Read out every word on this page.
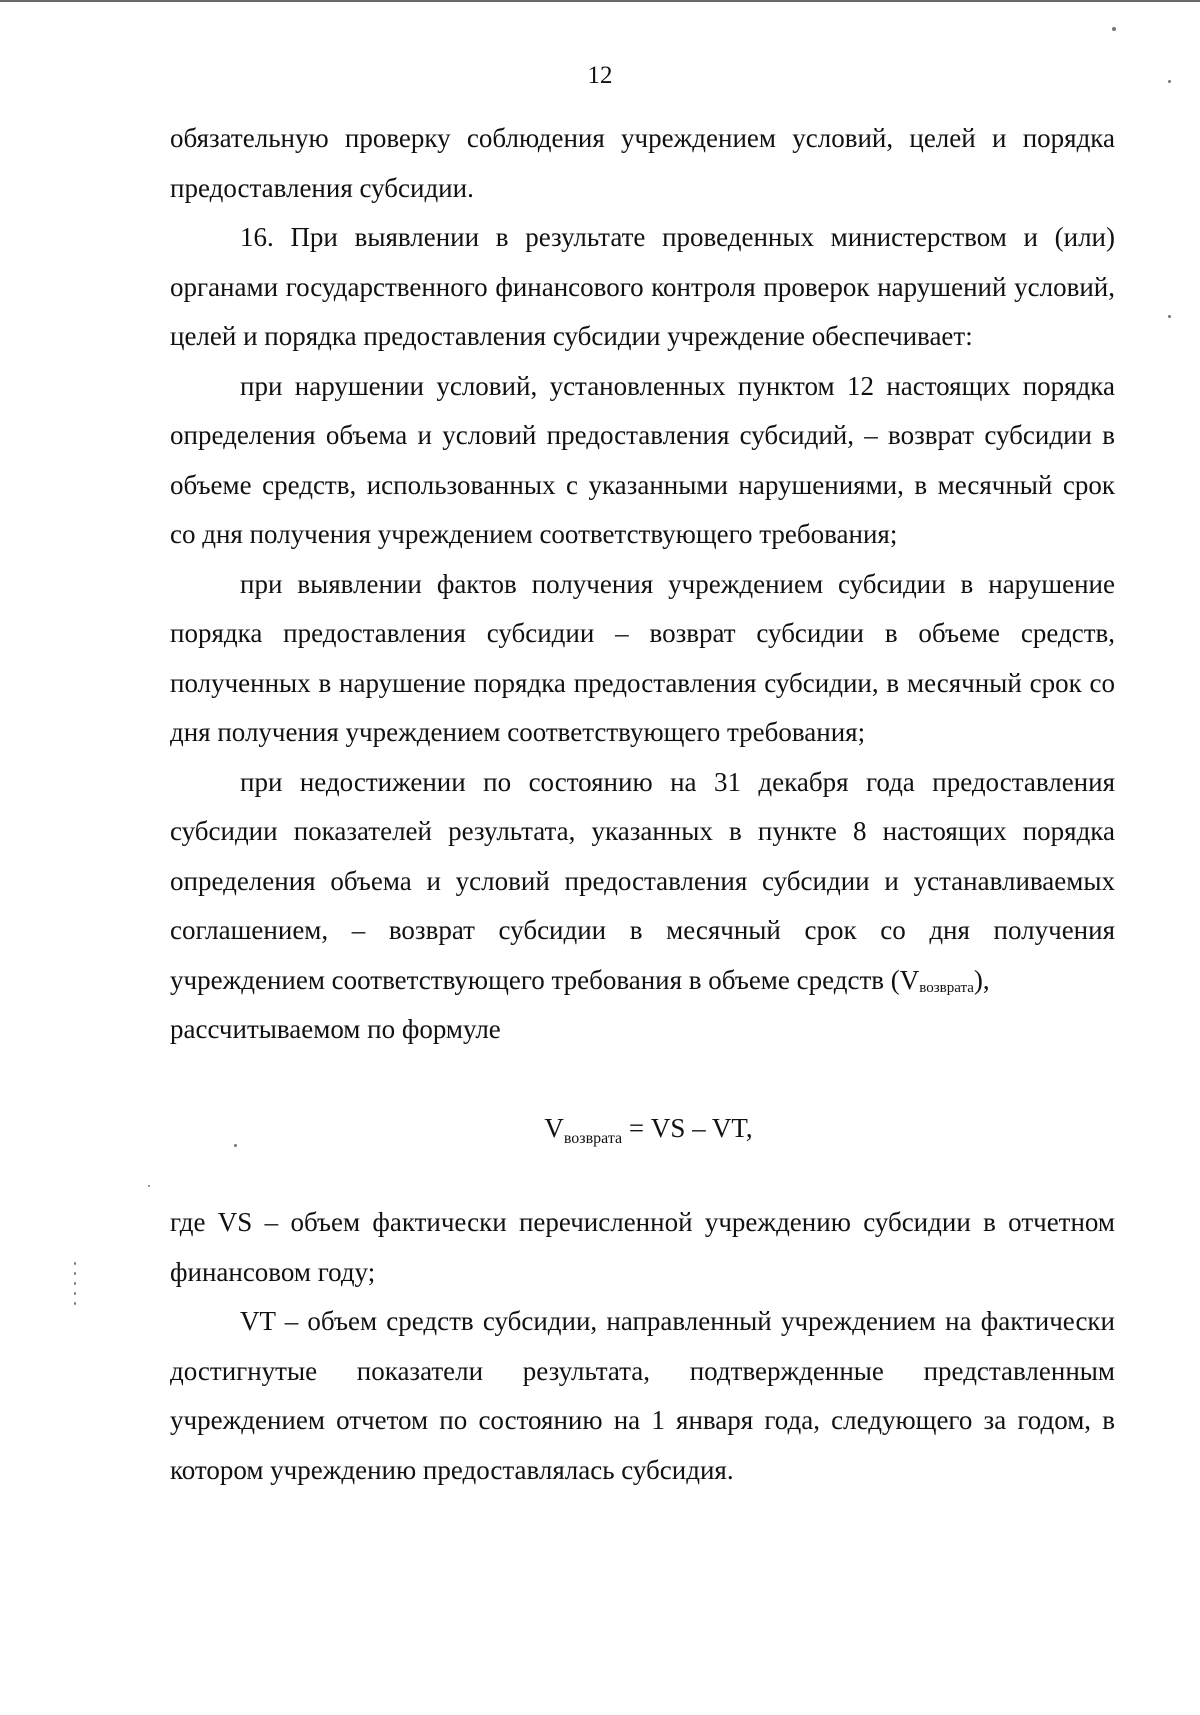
12

обязательную проверку соблюдения учреждением условий, целей и порядка предоставления субсидии.

16. При выявлении в результате проведенных министерством и (или) органами государственного финансового контроля проверок нарушений условий, целей и порядка предоставления субсидии учреждение обеспечивает:

при нарушении условий, установленных пунктом 12 настоящих порядка определения объема и условий предоставления субсидий, – возврат субсидии в объеме средств, использованных с указанными нарушениями, в месячный срок со дня получения учреждением соответствующего требования;

при выявлении фактов получения учреждением субсидии в нарушение порядка предоставления субсидии – возврат субсидии в объеме средств, полученных в нарушение порядка предоставления субсидии, в месячный срок со дня получения учреждением соответствующего требования;

при недостижении по состоянию на 31 декабря года предоставления субсидии показателей результата, указанных в пункте 8 настоящих порядка определения объема и условий предоставления субсидии и устанавливаемых соглашением, – возврат субсидии в месячный срок со дня получения учреждением соответствующего требования в объеме средств $(V_{возврата})$,

рассчитываемом по формуле

$V_{возврата}$ = VS – VT,

где VS – объем фактически перечисленной учреждению субсидии в отчетном финансовом году;

VT – объем средств субсидии, направленный учреждением на фактически достигнутые показатели результата, подтвержденные представленным учреждением отчетом по состоянию на 1 января года, следующего за годом, в котором учреждению предоставлялась субсидия.
